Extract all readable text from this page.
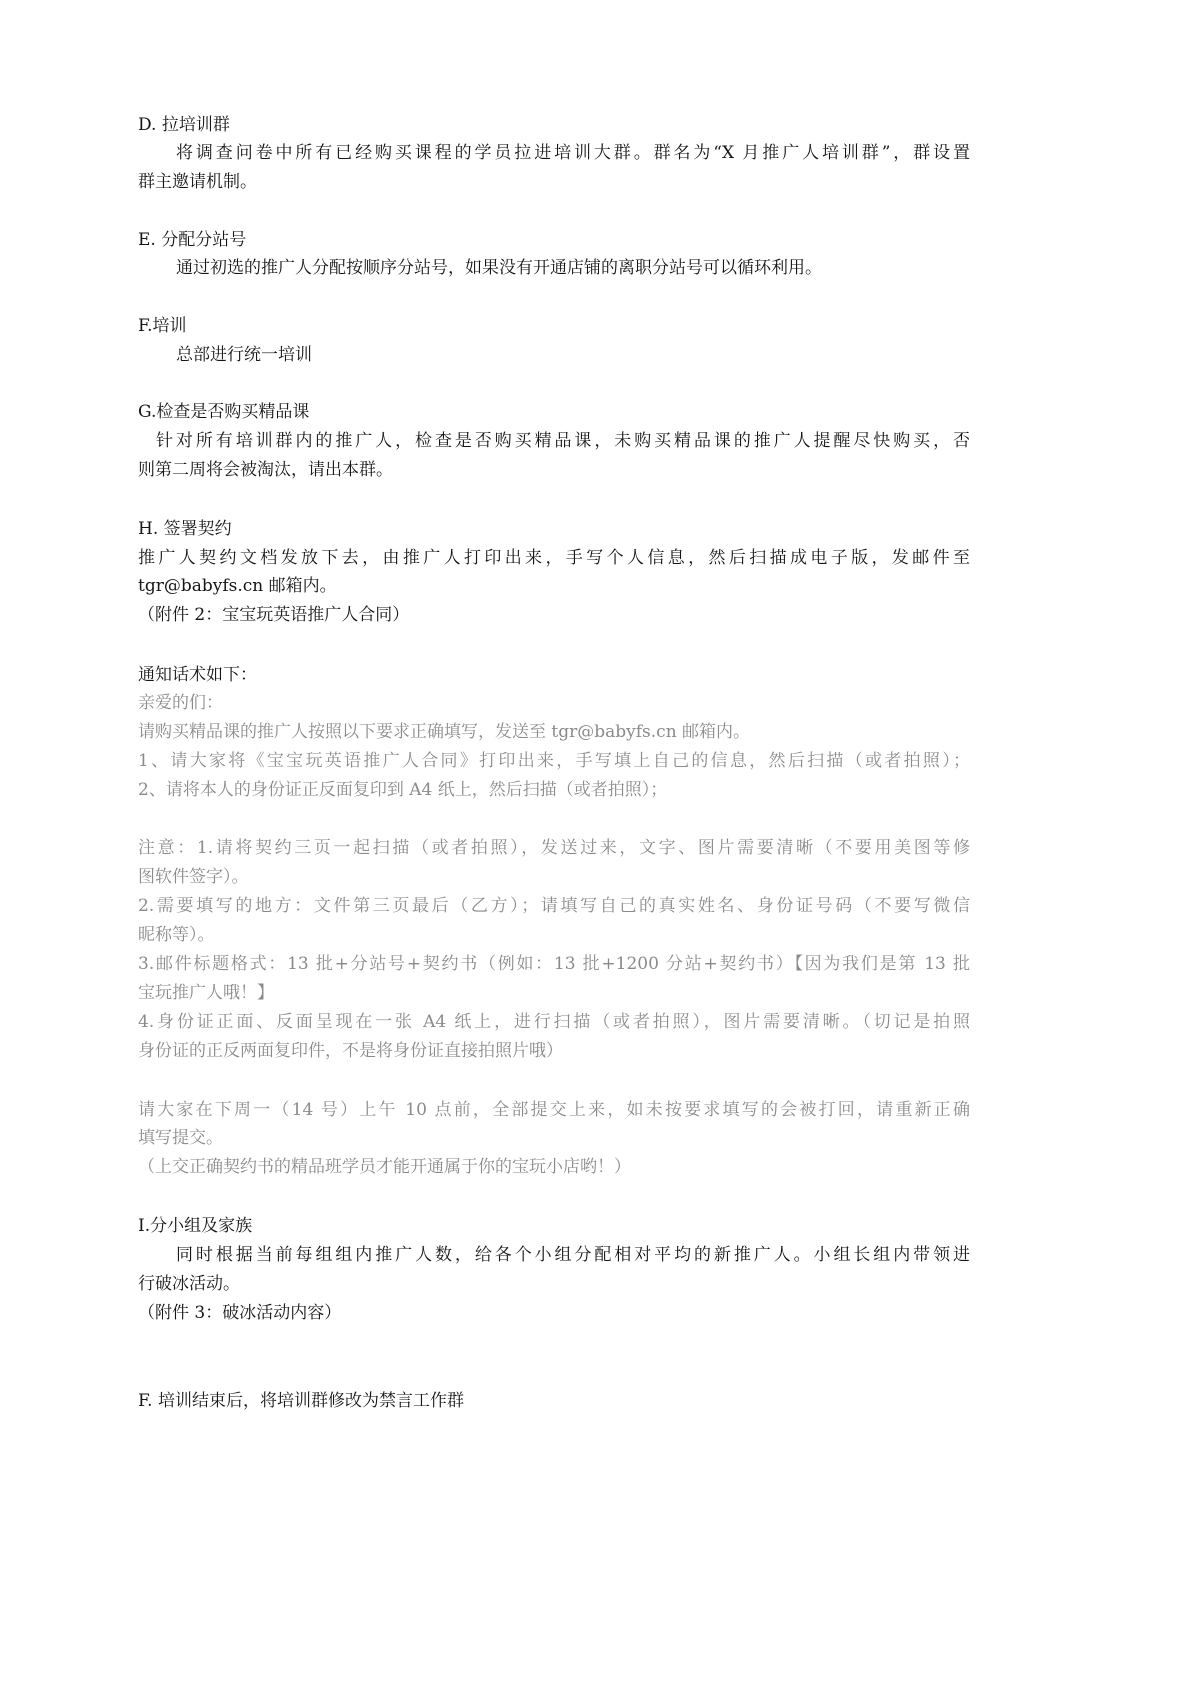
D. 拉培训群
将调查问卷中所有已经购买课程的学员拉进培训大群。群名为“X 月推广人培训群”，群设置
群主邀请机制。
E. 分配分站号
通过初选的推广人分配按顺序分站号，如果没有开通店铺的离职分站号可以循环利用。
F.培训
总部进行统一培训
G.检查是否购买精品课
针对所有培训群内的推广人，检查是否购买精品课，未购买精品课的推广人提醒尽快购买，否
则第二周将会被淘汰，请出本群。
H. 签署契约
推广人契约文档发放下去，由推广人打印出来，手写个人信息，然后扫描成电子版，发邮件至
tgr@babyfs.cn 邮箱内。
（附件 2：宝宝玩英语推广人合同）
通知话术如下：
亲爱的们：
请购买精品课的推广人按照以下要求正确填写，发送至 tgr@babyfs.cn 邮箱内。
1、请大家将《宝宝玩英语推广人合同》打印出来，手写填上自己的信息，然后扫描（或者拍照）；
2、请将本人的身份证正反面复印到 A4 纸上，然后扫描（或者拍照）；
注意：1.请将契约三页一起扫描（或者拍照），发送过来，文字、图片需要清晰（不要用美图等修
图软件签字）。
2.需要填写的地方：文件第三页最后（乙方）；请填写自己的真实姓名、身份证号码（不要写微信
昵称等）。
3.邮件标题格式：13 批+分站号+契约书（例如：13 批+1200 分站+契约书）【因为我们是第 13 批
宝玩推广人哦！】
4.身份证正面、反面呈现在一张 A4 纸上，进行扫描（或者拍照），图片需要清晰。（切记是拍照
身份证的正反两面复印件，不是将身份证直接拍照片哦）
请大家在下周一（14 号）上午 10 点前，全部提交上来，如未按要求填写的会被打回，请重新正确
填写提交。
（上交正确契约书的精品班学员才能开通属于你的宝玩小店哟！）
I.分小组及家族
同时根据当前每组组内推广人数，给各个小组分配相对平均的新推广人。小组长组内带领进
行破冰活动。
（附件 3：破冰活动内容）
F. 培训结束后，将培训群修改为禁言工作群
